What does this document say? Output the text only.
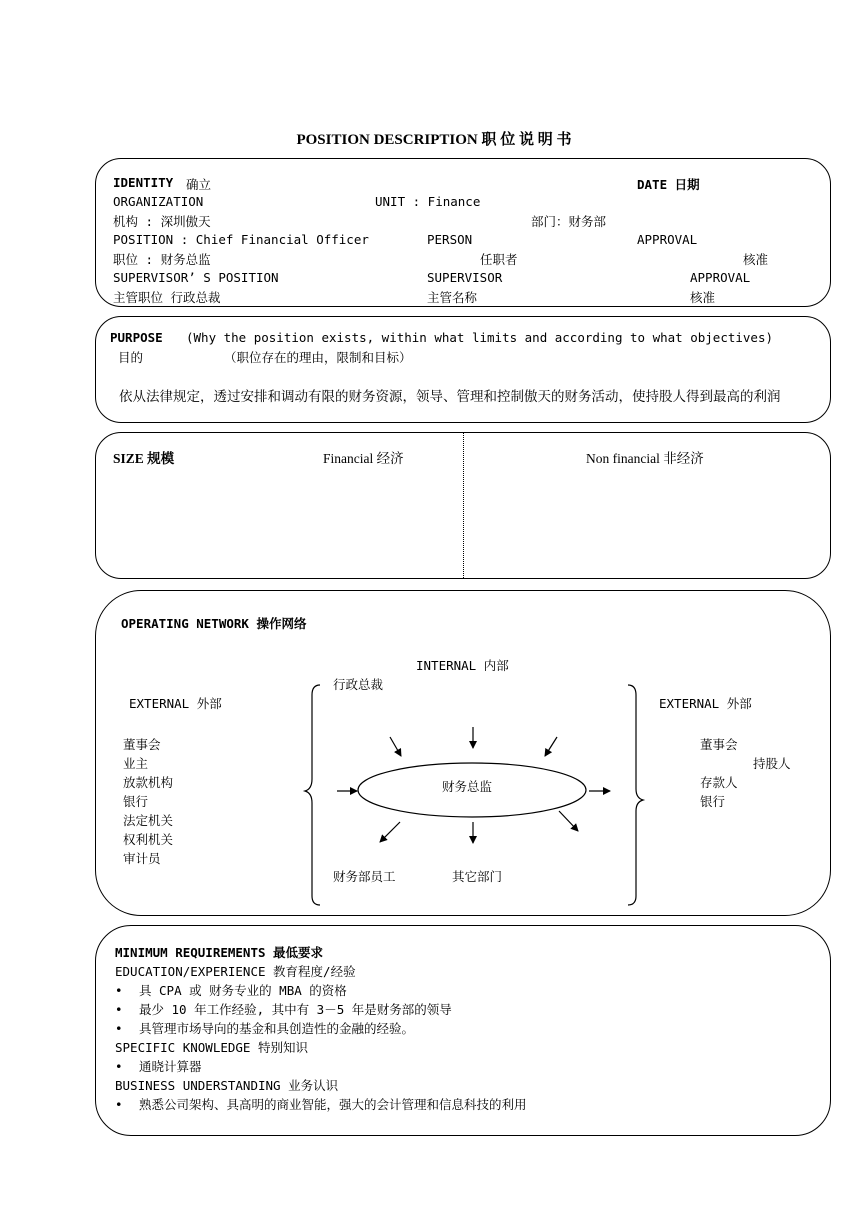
POSITION DESCRIPTION 职 位 说 明 书
IDENTITY 确立	DATE 日期
ORGANIZATION	UNIT : Finance
机构 : 深圳傲天	部门：财务部
POSITION : Chief Financial Officer	PERSON	APPROVAL
职位 : 财务总监	任职者	核准
SUPERVISOR’ S POSITION	SUPERVISOR	APPROVAL
主管职位 行政总裁	主管名称	核准
PURPOSE (Why the position exists, within what limits and according to what objectives)
目的	（职位存在的理由，限制和目标）
依从法律规定，透过安排和调动有限的财务资源，领导、管理和控制傲天的财务活动，使持股人得到最高的利润
SIZE 规模	Financial 经济	Non financial 非经济
OPERATING NETWORK 操作网络
INTERNAL 内部
行政总裁
EXTERNAL 外部	EXTERNAL 外部
董事会
业主
放款机构
银行
法定机关
权利机关
审计员
董事会
持股人
存款人
银行
财务总监
财务部员工	其它部门
MINIMUM REQUIREMENTS 最低要求
EDUCATION/EXPERIENCE 教育程度/经验
• 具 CPA 或 财务专业的 MBA 的资格
• 最少 10 年工作经验, 其中有 3－5 年是财务部的领导
• 具管理市场导向的基金和具创造性的金融的经验。
SPECIFIC KNOWLEDGE 特别知识
• 通晓计算器
BUSINESS UNDERSTANDING 业务认识
• 熟悉公司架构、具高明的商业智能，强大的会计管理和信息科技的利用
